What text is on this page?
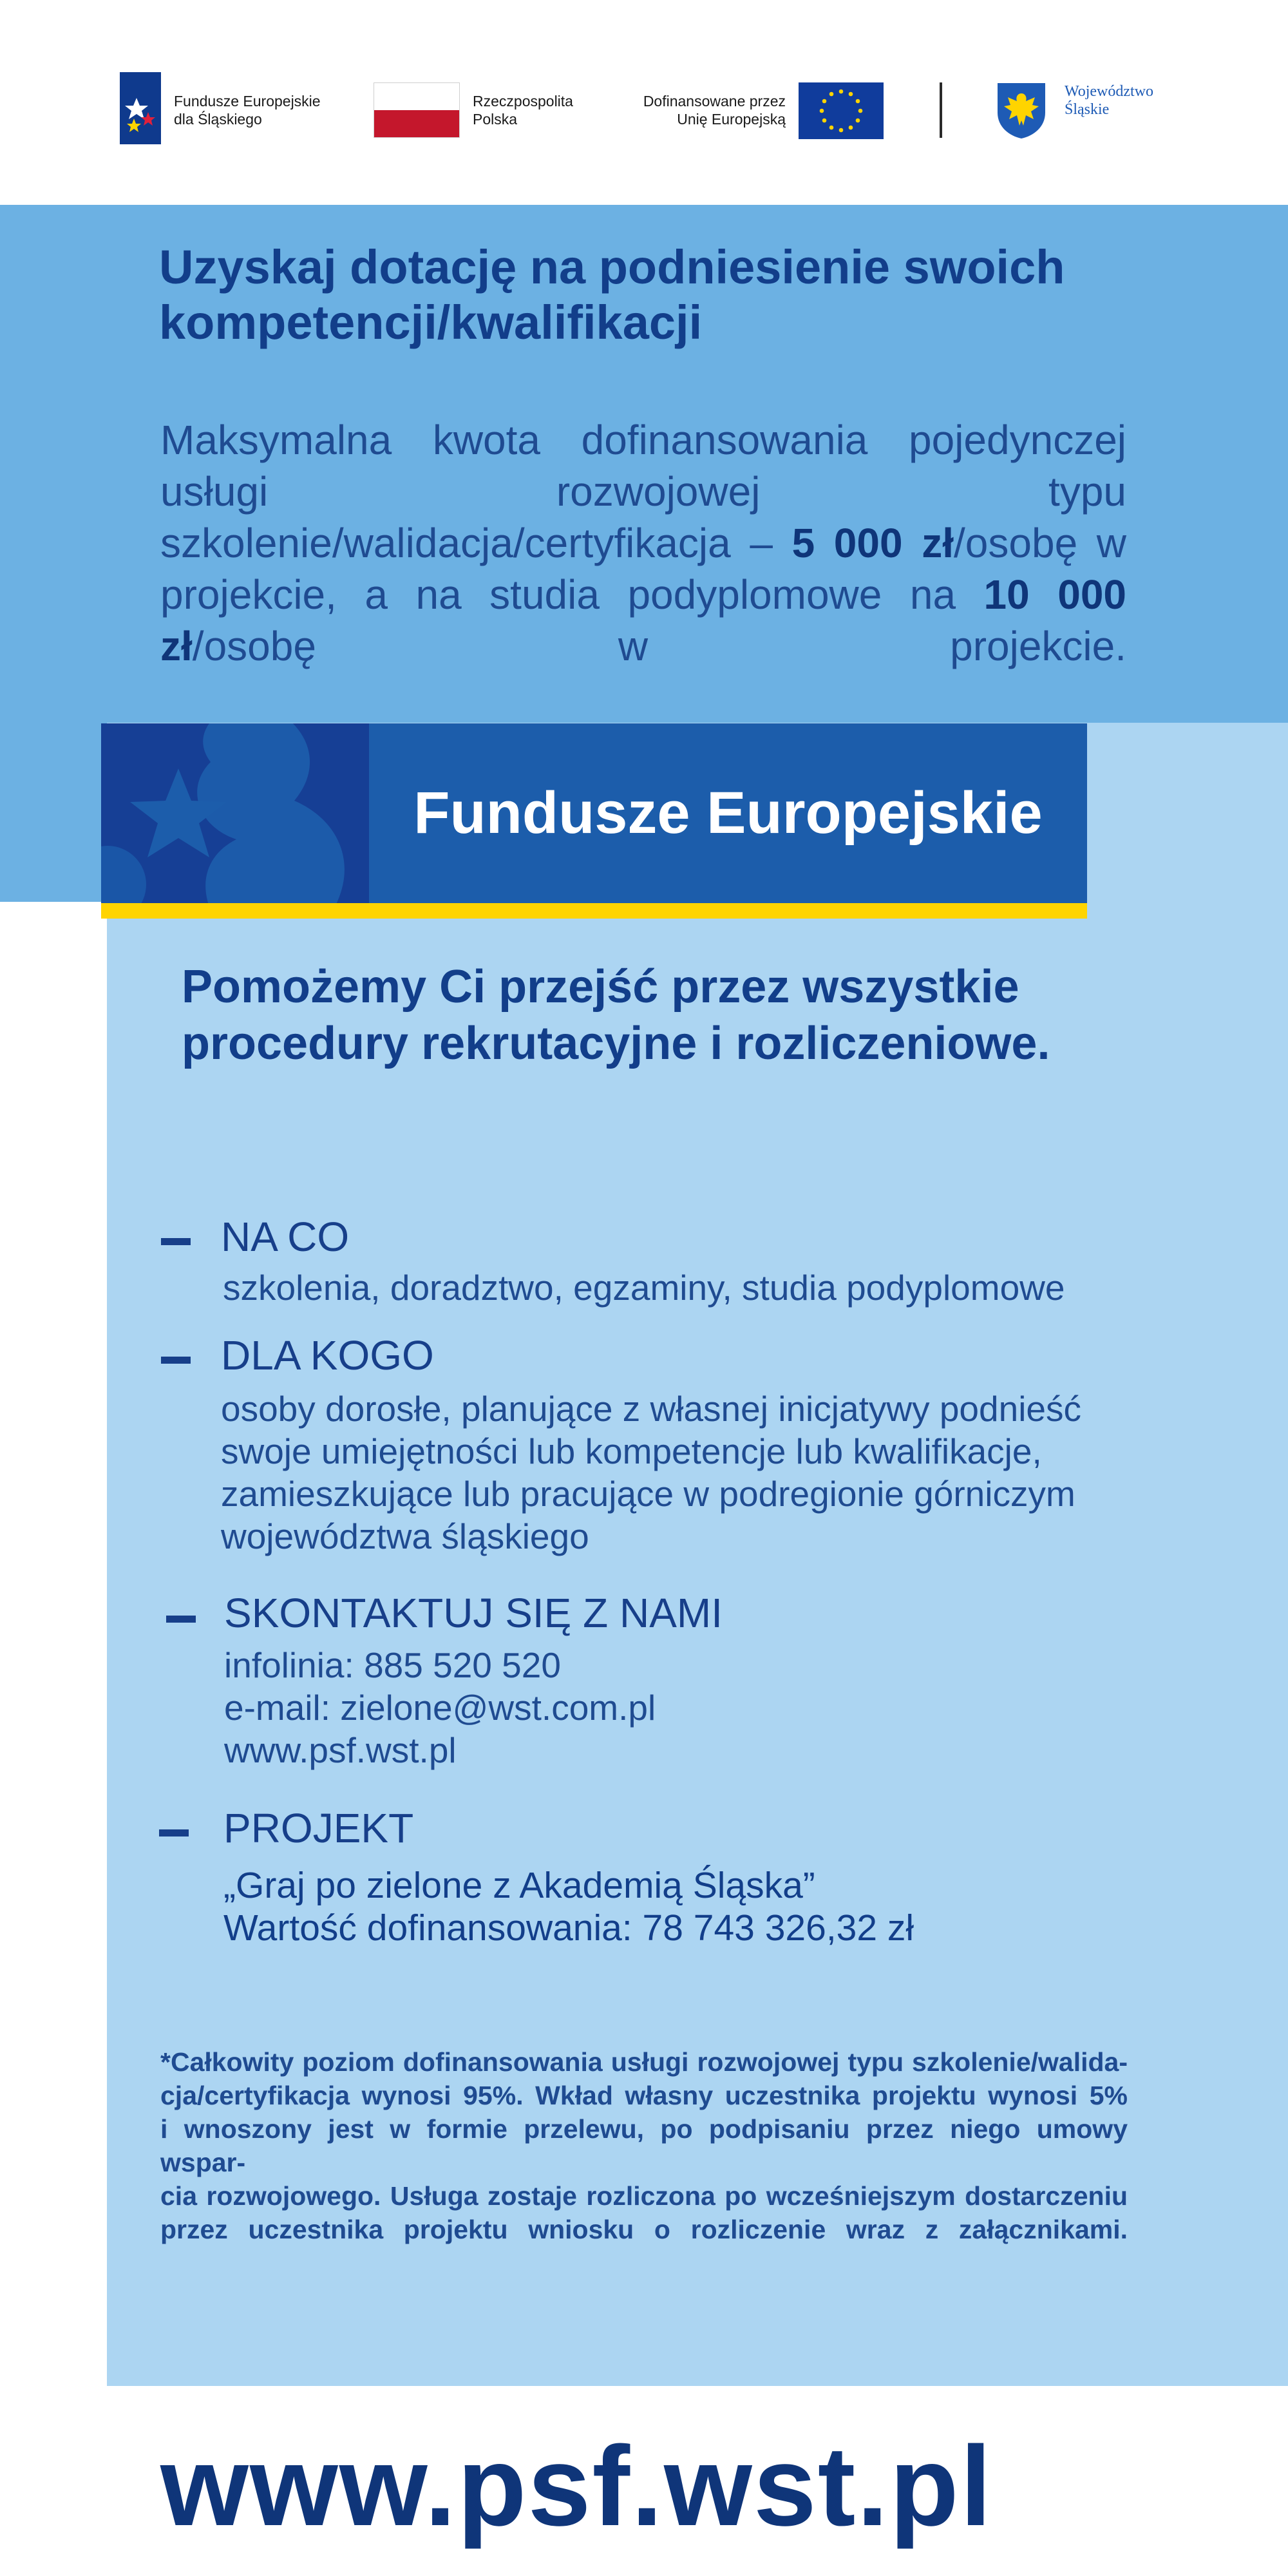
Fundusze Europejskie
dla Śląskiego
Rzeczpospolita
Polska
Dofinansowane przez
Unię Europejską
Województwo
Śląskie
Uzyskaj dotację na podniesienie swoich
kompetencji/kwalifikacji

Maksymalna kwota dofinansowania pojedynczej usługi rozwojowej typu szkolenie/walidacja/certyfikacja – 5 000 zł/osobę w projekcie, a na studia podyplomowe na 10 000 zł/osobę w projekcie.

Fundusze Europejskie
Pomożemy Ci przejść przez wszystkie
procedury rekrutacyjne i rozliczeniowe.
NA CO
szkolenia, doradztwo, egzaminy, studia podyplomowe
DLA KOGO
osoby dorosłe, planujące z własnej inicjatywy podnieść
swoje umiejętności lub kompetencje lub kwalifikacje,
zamieszkujące lub pracujące w podregionie górniczym
województwa śląskiego
SKONTAKTUJ SIĘ Z NAMI
infolinia: 885 520 520
e-mail: zielone@wst.com.pl
www.psf.wst.pl
PROJEKT
„Graj po zielone z Akademią Śląska”
Wartość dofinansowania: 78 743 326,32 zł
*Całkowity poziom dofinansowania usługi rozwojowej typu szkolenie/walida-
cja/certyfikacja wynosi 95%. Wkład własny uczestnika projektu wynosi 5%
i wnoszony jest w formie przelewu, po podpisaniu przez niego umowy wspar-
cia rozwojowego. Usługa zostaje rozliczona po wcześniejszym dostarczeniu
przez uczestnika projektu wniosku o rozliczenie wraz z załącznikami.
www.psf.wst.pl
